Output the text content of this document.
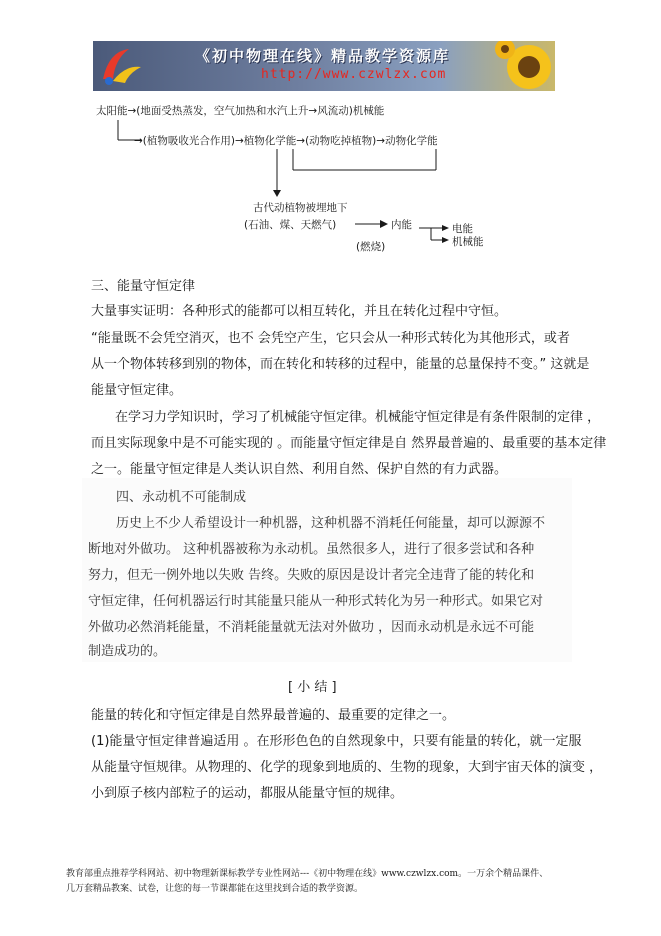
《初中物理在线》精品教学资源库
http://www.czwlzx.com
太阳能→(地面受热蒸发，空气加热和水汽上升→风流动)机械能
→(植物吸收光合作用)→植物化学能→(动物吃掉植物)→动物化学能
古代动植物被埋地下
(石油、煤、天燃气)	内能
(燃烧)
电能
机械能
三、能量守恒定律
大量事实证明：各种形式的能都可以相互转化，并且在转化过程中守恒。
“能量既不会凭空消灭，也不 会凭空产生，它只会从一种形式转化为其他形式，或者
从一个物体转移到别的物体，而在转化和转移的过程中，能量的总量保持不变。” 这就是
能量守恒定律。
在学习力学知识时，学习了机械能守恒定律。机械能守恒定律是有条件限制的定律 ，
而且实际现象中是不可能实现的 。而能量守恒定律是自 然界最普遍的、最重要的基本定律
之一。能量守恒定律是人类认识自然、利用自然、保护自然的有力武器。
四、永动机不可能制成
历史上不少人希望设计一种机器，这种机器不消耗任何能量，却可以源源不
断地对外做功。 这种机器被称为永动机。虽然很多人，进行了很多尝试和各种
努力，但无一例外地以失败 告终。失败的原因是设计者完全违背了能的转化和
守恒定律，任何机器运行时其能量只能从一种形式转化为另一种形式。如果它对
外做功必然消耗能量，不消耗能量就无法对外做功 ，因而永动机是永远不可能
制造成功的。
[ 小 结 ]
能量的转化和守恒定律是自然界最普遍的、最重要的定律之一。
(1)能量守恒定律普遍适用 。在形形色色的自然现象中，只要有能量的转化，就一定服
从能量守恒规律。从物理的、化学的现象到地质的、生物的现象，大到宇宙天体的演变 ，
小到原子核内部粒子的运动，都服从能量守恒的规律。
教育部重点推荐学科网站、初中物理新课标教学专业性网站---《初中物理在线》www.czwlzx.com。一万余个精品课件、
几万套精品教案、试卷，让您的每一节课都能在这里找到合适的教学资源。
